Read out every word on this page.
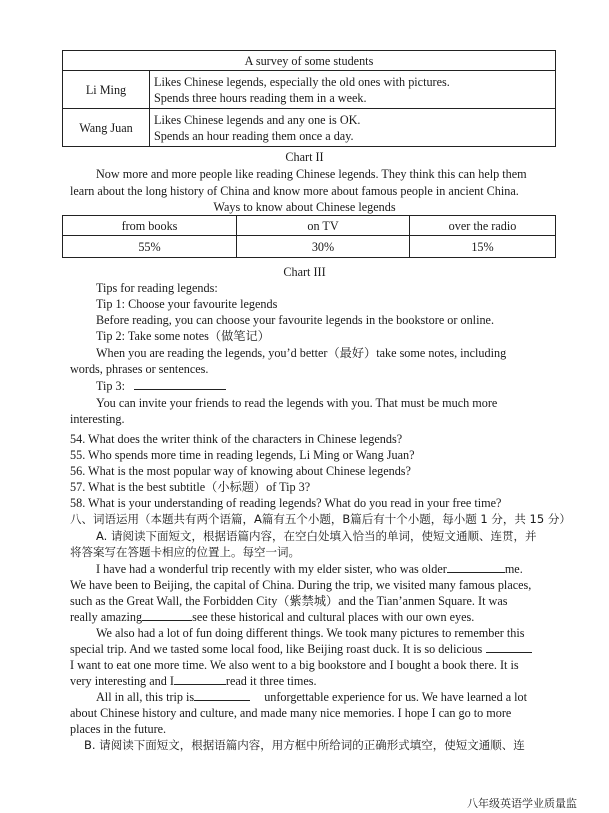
A survey of some students	
Li Ming	Likes Chinese legends, especially the old ones with pictures.
Spends three hours reading them in a week.

Wang Juan	Likes Chinese legends and any one is OK.
Spends an hour reading them once a day.
Chart II
Now more and more people like reading Chinese legends. They think this can help them
learn about the long history of China and know more about famous people in ancient China.
Ways to know about Chinese legends
from books	on TV	over the radio
55%	30%	15%
Chart III
Tips for reading legends:
Tip 1: Choose your favourite legends
Before reading, you can choose your favourite legends in the bookstore or online.
Tip 2: Take some notes（做笔记）
When you are reading the legends, you’d better（最好）take some notes, including
words, phrases or sentences.
Tip 3:
You can invite your friends to read the legends with you. That must be much more
interesting.
54. What does the writer think of the characters in Chinese legends?
55. Who spends more time in reading legends, Li Ming or Wang Juan?
56. What is the most popular way of knowing about Chinese legends?
57. What is the best subtitle（小标题）of Tip 3?
58. What is your understanding of reading legends? What do you read in your free time?
八、词语运用（本题共有两个语篇，A篇有五个小题，B篇后有十个小题，每小题 1 分，共 15 分）
A. 请阅读下面短文，根据语篇内容，在空白处填入恰当的单词，使短文通顺、连贯，并
将答案写在答题卡相应的位置上。每空一词。
I have had a wonderful trip recently with my elder sister, who was older	me.
We have been to Beijing, the capital of China. During the trip, we visited many famous places,
such as the Great Wall, the Forbidden City（紫禁城）and the Tian’anmen Square. It was
really amazing	see these historical and cultural places with our own eyes.
We also had a lot of fun doing different things. We took many pictures to remember this
special trip. And we tasted some local food, like Beijing roast duck. It is so delicious
I want to eat one more time. We also went to a big bookstore and I bought a book there. It is
very interesting and I	read it three times.
All in all, this trip is	unforgettable experience for us. We have learned a lot
about Chinese history and culture, and made many nice memories. I hope I can go to more
places in the future.
B. 请阅读下面短文，根据语篇内容，用方框中所给词的正确形式填空，使短文通顺、连
八年级英语学业质量监
